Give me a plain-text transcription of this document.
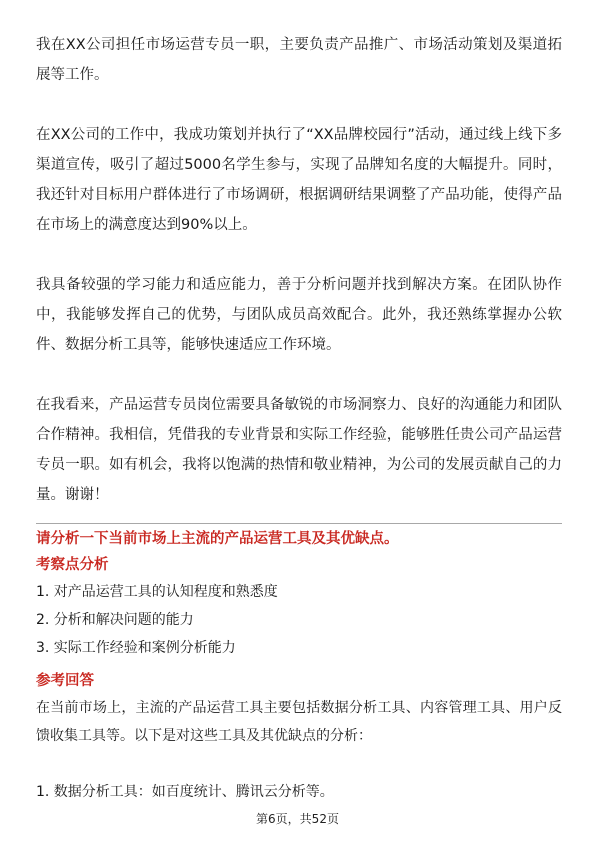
我在XX公司担任市场运营专员一职，主要负责产品推广、市场活动策划及渠道拓展等工作。

在XX公司的工作中，我成功策划并执行了“XX品牌校园行”活动，通过线上线下多渠道宣传，吸引了超过5000名学生参与，实现了品牌知名度的大幅提升。同时，我还针对目标用户群体进行了市场调研，根据调研结果调整了产品功能，使得产品在市场上的满意度达到90%以上。

我具备较强的学习能力和适应能力，善于分析问题并找到解决方案。在团队协作中，我能够发挥自己的优势，与团队成员高效配合。此外，我还熟练掌握办公软件、数据分析工具等，能够快速适应工作环境。

在我看来，产品运营专员岗位需要具备敏锐的市场洞察力、良好的沟通能力和团队合作精神。我相信，凭借我的专业背景和实际工作经验，能够胜任贵公司产品运营专员一职。如有机会，我将以饱满的热情和敬业精神，为公司的发展贡献自己的力量。谢谢！

请分析一下当前市场上主流的产品运营工具及其优缺点。

考察点分析

1. 对产品运营工具的认知程度和熟悉度
2. 分析和解决问题的能力
3. 实际工作经验和案例分析能力

参考回答

在当前市场上，主流的产品运营工具主要包括数据分析工具、内容管理工具、用户反馈收集工具等。以下是对这些工具及其优缺点的分析：

1. 数据分析工具：如百度统计、腾讯云分析等。

第6页，共52页
